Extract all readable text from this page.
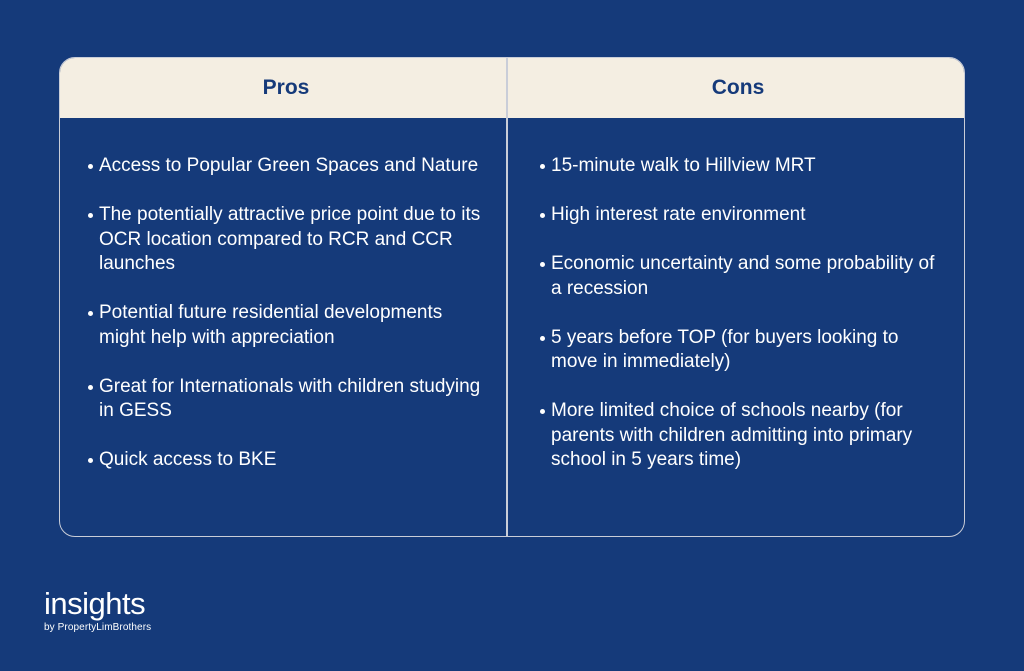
Pros	Cons
Access to Popular Green Spaces and Nature
The potentially attractive price point due to its OCR location compared to RCR and CCR launches
Potential future residential developments might help with appreciation
Great for Internationals with children studying in GESS
Quick access to BKE
15-minute walk to Hillview MRT
High interest rate environment
Economic uncertainty and some probability of a recession
5 years before TOP (for buyers looking to move in immediately)
More limited choice of schools nearby (for parents with children admitting into primary school in 5 years time)
insights
by PropertyLimBrothers
